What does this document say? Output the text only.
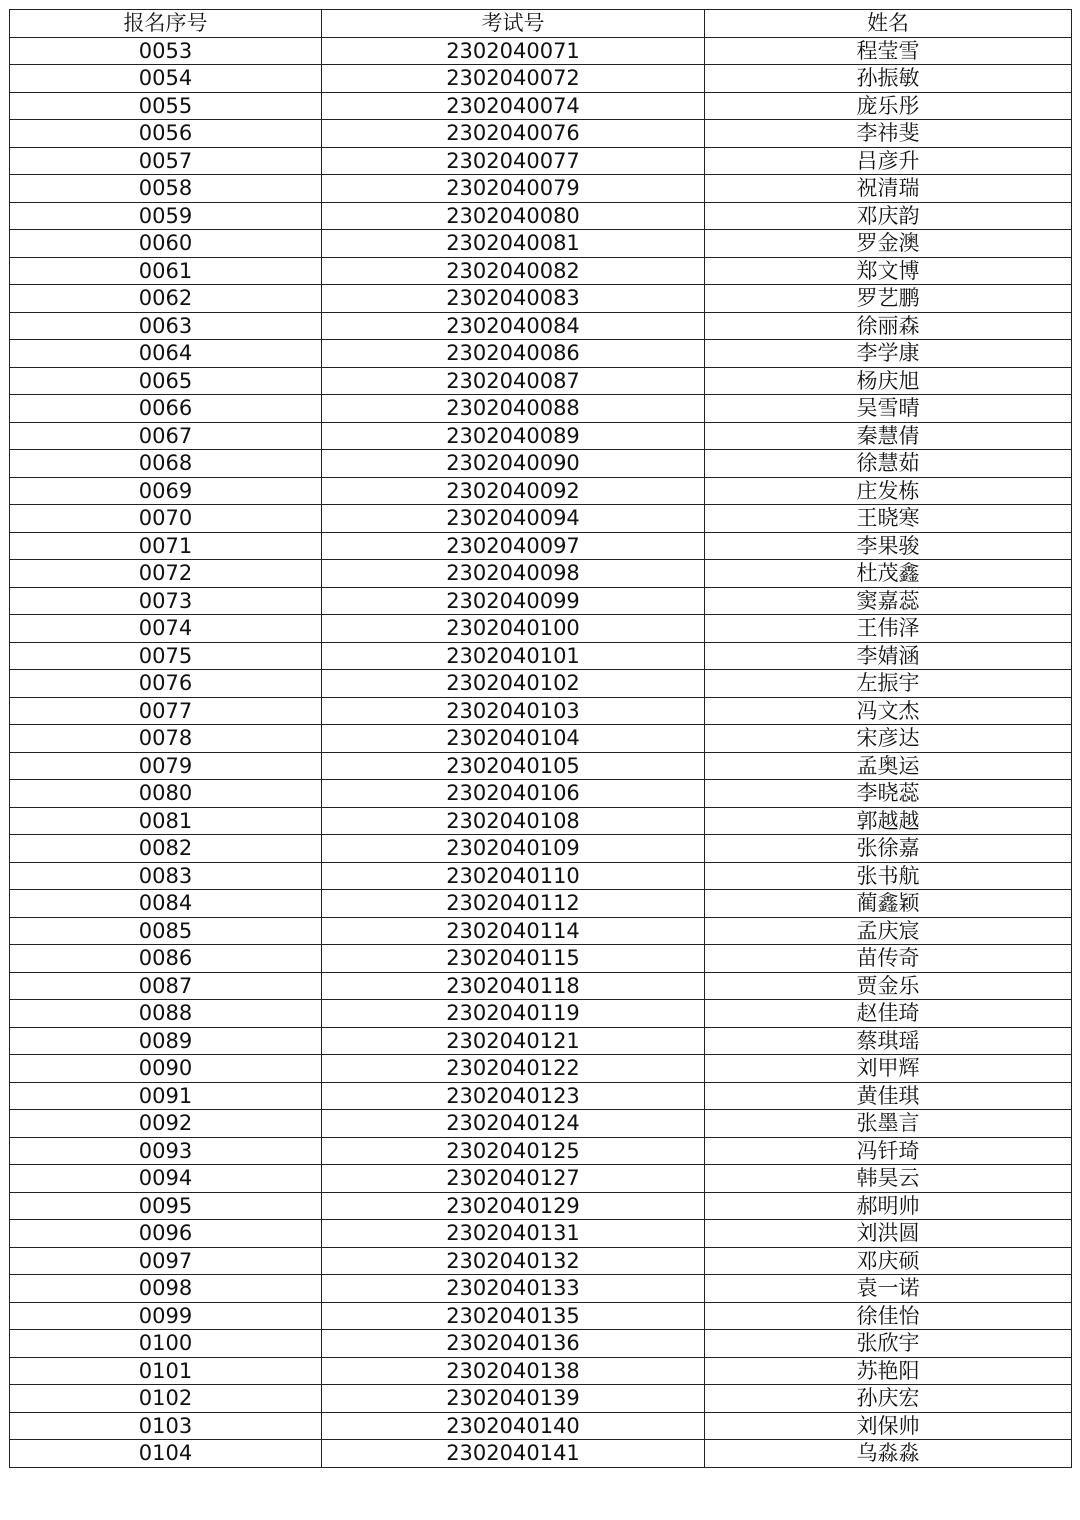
报名序号	考试号	姓名
0053	2302040071	程莹雪
0054	2302040072	孙振敏
0055	2302040074	庞乐彤
0056	2302040076	李祎斐
0057	2302040077	吕彦升
0058	2302040079	祝清瑞
0059	2302040080	邓庆韵
0060	2302040081	罗金澳
0061	2302040082	郑文博
0062	2302040083	罗艺鹏
0063	2302040084	徐丽森
0064	2302040086	李学康
0065	2302040087	杨庆旭
0066	2302040088	吴雪晴
0067	2302040089	秦慧倩
0068	2302040090	徐慧茹
0069	2302040092	庄发栋
0070	2302040094	王晓寒
0071	2302040097	李果骏
0072	2302040098	杜茂鑫
0073	2302040099	窦嘉蕊
0074	2302040100	王伟泽
0075	2302040101	李婧涵
0076	2302040102	左振宇
0077	2302040103	冯文杰
0078	2302040104	宋彦达
0079	2302040105	孟奥运
0080	2302040106	李晓蕊
0081	2302040108	郭越越
0082	2302040109	张徐嘉
0083	2302040110	张书航
0084	2302040112	蔺鑫颖
0085	2302040114	孟庆宸
0086	2302040115	苗传奇
0087	2302040118	贾金乐
0088	2302040119	赵佳琦
0089	2302040121	蔡琪瑶
0090	2302040122	刘甲辉
0091	2302040123	黄佳琪
0092	2302040124	张墨言
0093	2302040125	冯钎琦
0094	2302040127	韩昊云
0095	2302040129	郝明帅
0096	2302040131	刘洪圆
0097	2302040132	邓庆硕
0098	2302040133	袁一诺
0099	2302040135	徐佳怡
0100	2302040136	张欣宇
0101	2302040138	苏艳阳
0102	2302040139	孙庆宏
0103	2302040140	刘保帅
0104	2302040141	乌淼淼
